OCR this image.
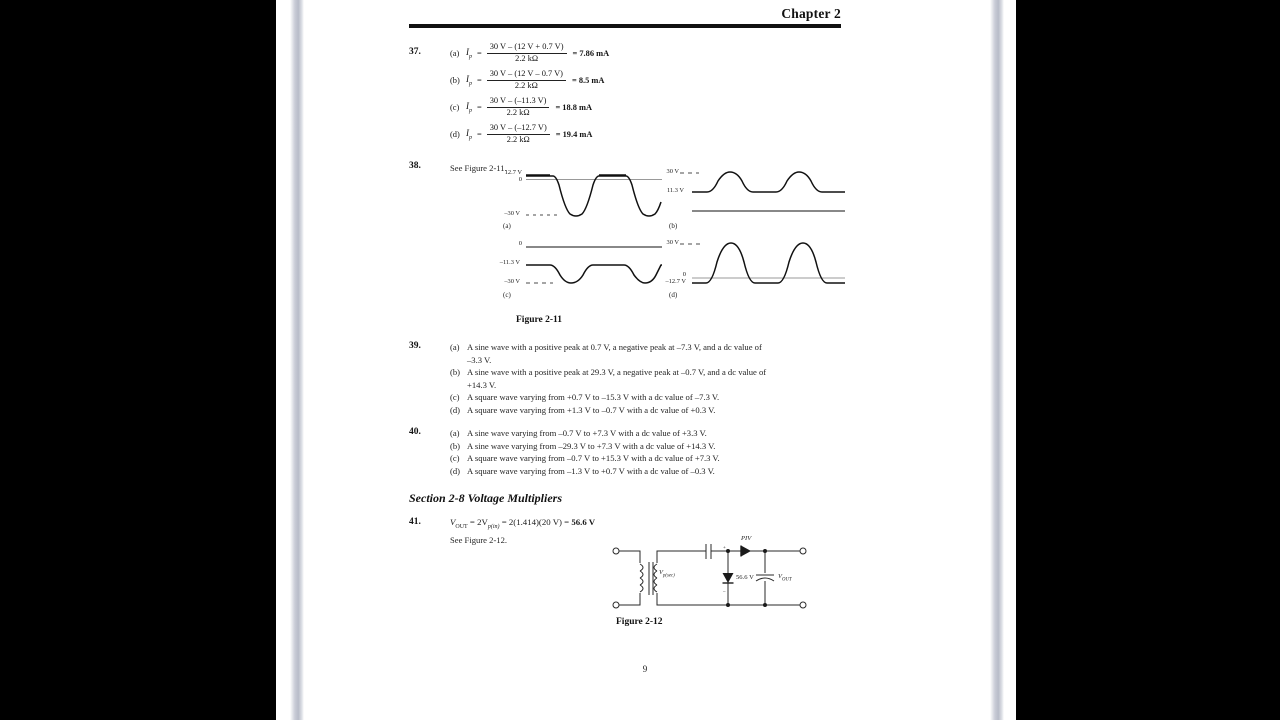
Chapter 2
37.	(a) $I_p = \frac{30 V - (12 V + 0.7 V)}{2.2 k\Omega} = 7.86$ mA
(b) $I_p = \frac{30 V - (12 V - 0.7 V)}{2.2 k\Omega} = 8.5$ mA
(c) $I_p = \frac{30 V - (-11.3 V)}{2.2 k\Omega} = 18.8$ mA
(d) $I_p = \frac{30 V - (-12.7 V)}{2.2 k\Omega} = 19.4$ mA
38.	See Figure 2-11.
12.7 V
0
–30 V
(a)
30 V
11.3 V
(b)
0
–11.3 V
–30 V
(c)
30 V
0
–12.7 V
(d)
Figure 2-11
39.	(a) A sine wave with a positive peak at 0.7 V, a negative peak at –7.3 V, and a dc value of
–3.3 V.
(b) A sine wave with a positive peak at 29.3 V, a negative peak at –0.7 V, and a dc value of
+14.3 V.
(c) A square wave varying from +0.7 V to –15.3 V with a dc value of –7.3 V.
(d) A square wave varying from +1.3 V to –0.7 V with a dc value of +0.3 V.
40.	(a) A sine wave varying from –0.7 V to +7.3 V with a dc value of +3.3 V.
(b) A sine wave varying from –29.3 V to +7.3 V with a dc value of +14.3 V.
(c) A square wave varying from –0.7 V to +15.3 V with a dc value of +7.3 V.
(d) A square wave varying from –1.3 V to +0.7 V with a dc value of –0.3 V.
Section 2-8 Voltage Multipliers
41.	$V_{OUT} = 2V_{p(in)} = 2(1.414)(20$ V) = 56.6 V
See Figure 2-12.
+
–
PIV
$V_{p(sec)}$	56.6 V	$V_{OUT}$
Figure 2-12
9
